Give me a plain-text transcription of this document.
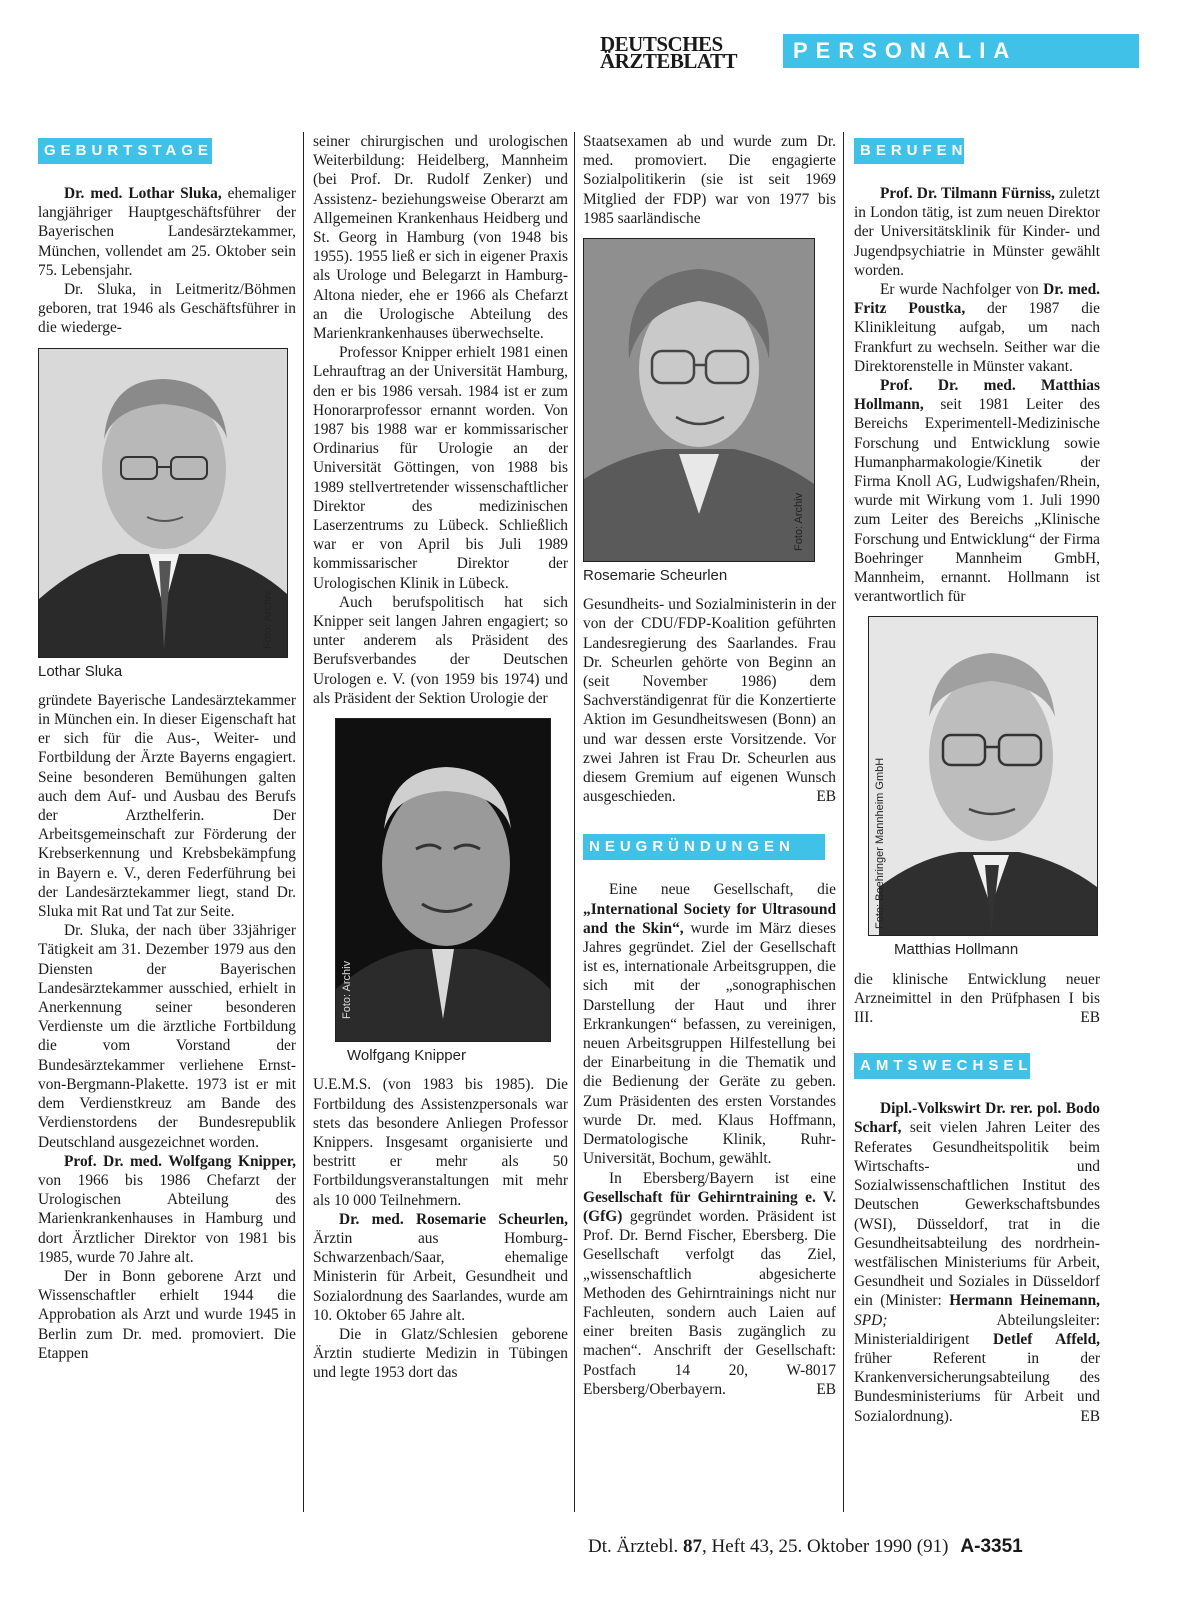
DEUTSCHES
ÄRZTEBLATT	PERSONALIA
GEBURTSTAGE

Dr. med. Lothar Sluka, ehemaliger langjähriger Hauptgeschäftsführer der Bayerischen Landesärztekammer, München, vollendet am 25. Oktober sein 75. Lebensjahr.

Dr. Sluka, in Leitmeritz/Böhmen geboren, trat 1946 als Geschäftsführer in die wiederge-

Foto: Archiv
Lothar Sluka

gründete Bayerische Landesärztekammer in München ein. In dieser Eigenschaft hat er sich für die Aus-, Weiter- und Fortbildung der Ärzte Bayerns engagiert. Seine besonderen Bemühungen galten auch dem Auf- und Ausbau des Berufs der Arzthelferin. Der Arbeitsgemeinschaft zur Förderung der Krebserkennung und Krebsbekämpfung in Bayern e. V., deren Federführung bei der Landesärztekammer liegt, stand Dr. Sluka mit Rat und Tat zur Seite.

Dr. Sluka, der nach über 33jähriger Tätigkeit am 31. Dezember 1979 aus den Diensten der Bayerischen Landesärztekammer ausschied, erhielt in Anerkennung seiner besonderen Verdienste um die ärztliche Fortbildung die vom Vorstand der Bundesärztekammer verliehene Ernst-von-Bergmann-Plakette. 1973 ist er mit dem Verdienstkreuz am Bande des Verdienstordens der Bundesrepublik Deutschland ausgezeichnet worden.

Prof. Dr. med. Wolfgang Knipper, von 1966 bis 1986 Chefarzt der Urologischen Abteilung des Marienkrankenhauses in Hamburg und dort Ärztlicher Direktor von 1981 bis 1985, wurde 70 Jahre alt.

Der in Bonn geborene Arzt und Wissenschaftler erhielt 1944 die Approbation als Arzt und wurde 1945 in Berlin zum Dr. med. promoviert. Die Etappen

seiner chirurgischen und urologischen Weiterbildung: Heidelberg, Mannheim (bei Prof. Dr. Rudolf Zenker) und Assistenz- beziehungsweise Oberarzt am Allgemeinen Krankenhaus Heidberg und St. Georg in Hamburg (von 1948 bis 1955). 1955 ließ er sich in eigener Praxis als Urologe und Belegarzt in Hamburg-Altona nieder, ehe er 1966 als Chefarzt an die Urologische Abteilung des Marienkrankenhauses überwechselte.

Professor Knipper erhielt 1981 einen Lehrauftrag an der Universität Hamburg, den er bis 1986 versah. 1984 ist er zum Honorarprofessor ernannt worden. Von 1987 bis 1988 war er kommissarischer Ordinarius für Urologie an der Universität Göttingen, von 1988 bis 1989 stellvertretender wissenschaftlicher Direktor des medizinischen Laserzentrums zu Lübeck. Schließlich war er von April bis Juli 1989 kommissarischer Direktor der Urologischen Klinik in Lübeck.

Auch berufspolitisch hat sich Knipper seit langen Jahren engagiert; so unter anderem als Präsident des Berufsverbandes der Deutschen Urologen e. V. (von 1959 bis 1974) und als Präsident der Sektion Urologie der

Foto: Archiv
Wolfgang Knipper

U.E.M.S. (von 1983 bis 1985). Die Fortbildung des Assistenzpersonals war stets das besondere Anliegen Professor Knippers. Insgesamt organisierte und bestritt er mehr als 50 Fortbildungsveranstaltungen mit mehr als 10 000 Teilnehmern.

Dr. med. Rosemarie Scheurlen, Ärztin aus Homburg-Schwarzenbach/Saar, ehemalige Ministerin für Arbeit, Gesundheit und Sozialordnung des Saarlandes, wurde am 10. Oktober 65 Jahre alt.

Die in Glatz/Schlesien geborene Ärztin studierte Medizin in Tübingen und legte 1953 dort das

Staatsexamen ab und wurde zum Dr. med. promoviert. Die engagierte Sozialpolitikerin (sie ist seit 1969 Mitglied der FDP) war von 1977 bis 1985 saarländische

Foto: Archiv
Rosemarie Scheurlen

Gesundheits- und Sozialministerin in der von der CDU/FDP-Koalition geführten Landesregierung des Saarlandes. Frau Dr. Scheurlen gehörte von Beginn an (seit November 1986) dem Sachverständigenrat für die Konzertierte Aktion im Gesundheitswesen (Bonn) an und war dessen erste Vorsitzende. Vor zwei Jahren ist Frau Dr. Scheurlen aus diesem Gremium auf eigenen Wunsch ausgeschieden.	EB

NEUGRÜNDUNGEN

Eine neue Gesellschaft, die „International Society for Ultrasound and the Skin“, wurde im März dieses Jahres gegründet. Ziel der Gesellschaft ist es, internationale Arbeitsgruppen, die sich mit der „sonographischen Darstellung der Haut und ihrer Erkrankungen“ befassen, zu vereinigen, neuen Arbeitsgruppen Hilfestellung bei der Einarbeitung in die Thematik und die Bedienung der Geräte zu geben. Zum Präsidenten des ersten Vorstandes wurde Dr. med. Klaus Hoffmann, Dermatologische Klinik, Ruhr-Universität, Bochum, gewählt.

In Ebersberg/Bayern ist eine Gesellschaft für Gehirntraining e. V. (GfG) gegründet worden. Präsident ist Prof. Dr. Bernd Fischer, Ebersberg. Die Gesellschaft verfolgt das Ziel, „wissenschaftlich abgesicherte Methoden des Gehirntrainings nicht nur Fachleuten, sondern auch Laien auf einer breiten Basis zugänglich zu machen“. Anschrift der Gesellschaft: Postfach 14 20, W-8017 Ebersberg/Oberbayern.	EB

BERUFEN

Prof. Dr. Tilmann Fürniss, zuletzt in London tätig, ist zum neuen Direktor der Universitätsklinik für Kinder- und Jugendpsychiatrie in Münster gewählt worden.

Er wurde Nachfolger von Dr. med. Fritz Poustka, der 1987 die Klinikleitung aufgab, um nach Frankfurt zu wechseln. Seither war die Direktorenstelle in Münster vakant.

Prof. Dr. med. Matthias Hollmann, seit 1981 Leiter des Bereichs Experimentell-Medizinische Forschung und Entwicklung sowie Humanpharmakologie/Kinetik der Firma Knoll AG, Ludwigshafen/Rhein, wurde mit Wirkung vom 1. Juli 1990 zum Leiter des Bereichs „Klinische Forschung und Entwicklung“ der Firma Boehringer Mannheim GmbH, Mannheim, ernannt. Hollmann ist verantwortlich für

Foto: Boehringer Mannheim GmbH
Matthias Hollmann

die klinische Entwicklung neuer Arzneimittel in den Prüfphasen I bis III.	EB

AMTSWECHSEL

Dipl.-Volkswirt Dr. rer. pol. Bodo Scharf, seit vielen Jahren Leiter des Referates Gesundheitspolitik beim Wirtschafts- und Sozialwissenschaftlichen Institut des Deutschen Gewerkschaftsbundes (WSI), Düsseldorf, trat in die Gesundheitsabteilung des nordrhein-westfälischen Ministeriums für Arbeit, Gesundheit und Soziales in Düsseldorf ein (Minister: Hermann Heinemann, SPD; Abteilungsleiter: Ministerialdirigent Detlef Affeld, früher Referent in der Krankenversicherungsabteilung des Bundesministeriums für Arbeit und Sozialordnung).	EB

Dt. Ärztebl. 87, Heft 43, 25. Oktober 1990 (91) A-3351
